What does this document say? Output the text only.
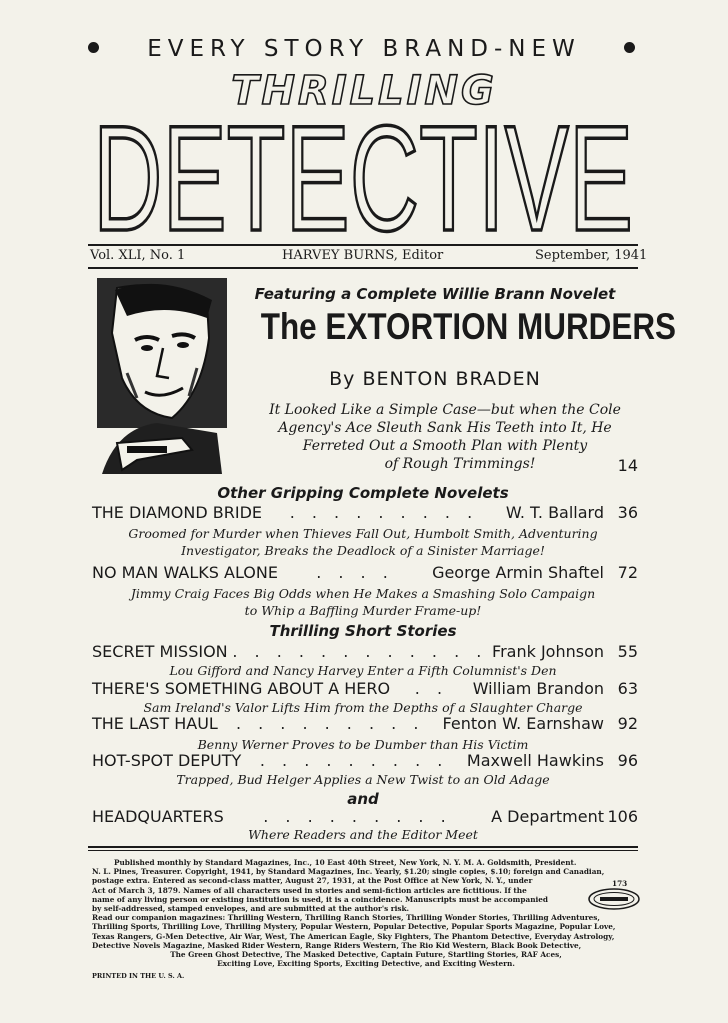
EVERY STORY BRAND-NEW
THRILLING
DETECTIVE
Vol. XLI, No. 1	HARVEY BURNS, Editor	September, 1941
Featuring a Complete Willie Brann Novelet
The EXTORTION MURDERS
By BENTON BRADEN
It Looked Like a Simple Case—but when the Cole
Agency's Ace Sleuth Sank His Teeth into It, He
Ferreted Out a Smooth Plan with Plenty
of Rough Trimmings!	14
Other Gripping Complete Novelets
THE DIAMOND BRIDE	. . . . . . . . .	W. T. Ballard 36
Groomed for Murder when Thieves Fall Out, Humbolt Smith, Adventuring
Investigator, Breaks the Deadlock of a Sinister Marriage!
NO MAN WALKS ALONE	. . . .	George Armin Shaftel 72
Jimmy Craig Faces Big Odds when He Makes a Smashing Solo Campaign
to Whip a Baffling Murder Frame-up!
Thrilling Short Stories
SECRET MISSION . . . . . . . . . . . . Frank Johnson 55
Lou Gifford and Nancy Harvey Enter a Fifth Columnist's Den
THERE'S SOMETHING ABOUT A HERO	. .	William Brandon 63
Sam Ireland's Valor Lifts Him from the Depths of a Slaughter Charge
THE LAST HAUL	. . . . . . . . .	Fenton W. Earnshaw 92
Benny Werner Proves to be Dumber than His Victim
HOT-SPOT DEPUTY	. . . . . . . . .	Maxwell Hawkins 96
Trapped, Bud Helger Applies a New Twist to an Old Adage
and
HEADQUARTERS	. . . . . . . . .	A Department 106
Where Readers and the Editor Meet
Published monthly by Standard Magazines, Inc., 10 East 40th Street, New York, N. Y. M. A. Goldsmith, President.
N. L. Pines, Treasurer. Copyright, 1941, by Standard Magazines, Inc. Yearly, $1.20; single copies, $.10; foreign and Canadian,
postage extra. Entered as second-class matter, August 27, 1931, at the Post Office at New York, N. Y., under
Act of March 3, 1879. Names of all characters used in stories and semi-fiction articles are fictitious. If the
name of any living person or existing institution is used, it is a coincidence. Manuscripts must be accompanied
by self-addressed, stamped envelopes, and are submitted at the author's risk.
Read our companion magazines: Thrilling Western, Thrilling Ranch Stories, Thrilling Wonder Stories, Thrilling Adventures,
Thrilling Sports, Thrilling Love, Thrilling Mystery, Popular Western, Popular Detective, Popular Sports Magazine, Popular Love,
Texas Rangers, G-Men Detective, Air War, West, The American Eagle, Sky Fighters, The Phantom Detective, Everyday Astrology,
Detective Novels Magazine, Masked Rider Western, Range Riders Western, The Rio Kid Western, Black Book Detective,
The Green Ghost Detective, The Masked Detective, Captain Future, Startling Stories, RAF Aces,
Exciting Love, Exciting Sports, Exciting Detective, and Exciting Western.
PRINTED IN THE U. S. A.
173
